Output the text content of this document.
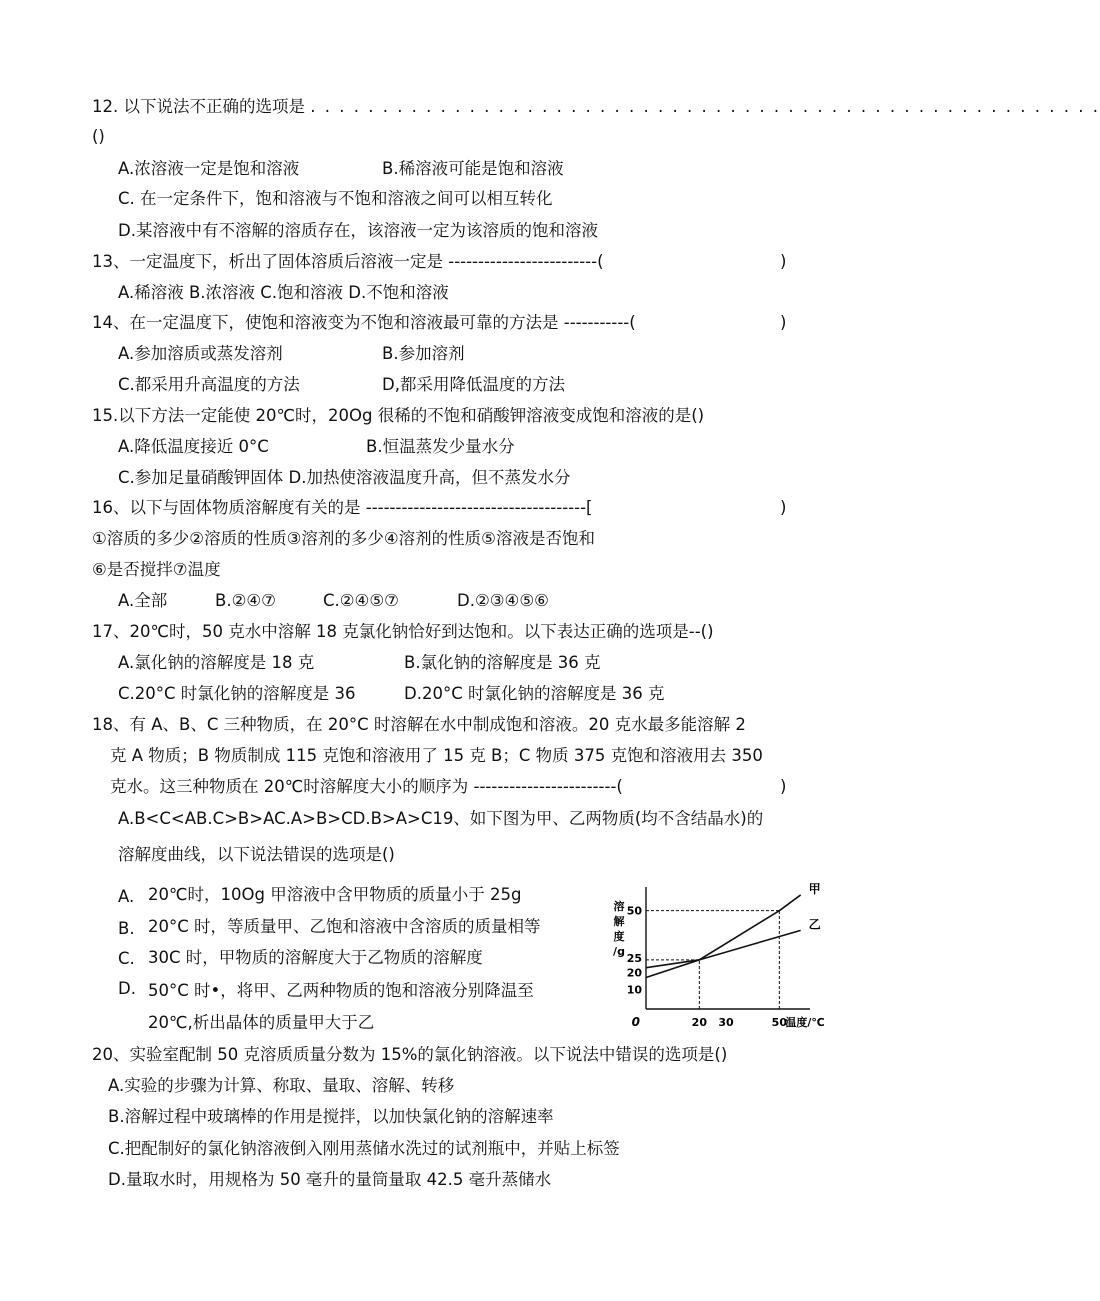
12. 以下说法不正确的选项是 . . . . . . . . . . . . . . . . . . . . . . . . . . . . . . . . . . . . . . . . . . . . . . . . . . . . . . .
()
A.浓溶液一定是饱和溶液	B.稀溶液可能是饱和溶液
C. 在一定条件下，饱和溶液与不饱和溶液之间可以相互转化
D.某溶液中有不溶解的溶质存在，该溶液一定为该溶质的饱和溶液
13、一定温度下，析出了固体溶质后溶液一定是 -------------------------(	)
A.稀溶液 B.浓溶液 C.饱和溶液 D.不饱和溶液
14、在一定温度下，使饱和溶液变为不饱和溶液最可靠的方法是 -----------(	)
A.参加溶质或蒸发溶剂	B.参加溶剂
C.都采用升高温度的方法	D,都采用降低温度的方法
15.以下方法一定能使 20℃时，20Og 很稀的不饱和硝酸钾溶液变成饱和溶液的是()
A.降低温度接近 0°C	B.恒温蒸发少量水分
C.参加足量硝酸钾固体 D.加热使溶液温度升高，但不蒸发水分
16、以下与固体物质溶解度有关的是 -------------------------------------[	)
①溶质的多少②溶质的性质③溶剂的多少④溶剂的性质⑤溶液是否饱和
⑥是否搅拌⑦温度
A.全部	B.②④⑦	C.②④⑤⑦	D.②③④⑤⑥
17、20℃时，50 克水中溶解 18 克氯化钠恰好到达饱和。以下表达正确的选项是--()
A.氯化钠的溶解度是 18 克	B.氯化钠的溶解度是 36 克
C.20°C 时氯化钠的溶解度是 36	D.20°C 时氯化钠的溶解度是 36 克
18、有 A、B、C 三种物质，在 20°C 时溶解在水中制成饱和溶液。20 克水最多能溶解 2
克 A 物质；B 物质制成 115 克饱和溶液用了 15 克 B；C 物质 375 克饱和溶液用去 350
克水。这三种物质在 20℃时溶解度大小的顺序为 ------------------------(	)
A.B<C<AB.C>B>AC.A>B>CD.B>A>C19、如下图为甲、乙两物质(均不含结晶水)的
溶解度曲线，以下说法错误的选项是()
A. 20℃时，10Og 甲溶液中含甲物质的质量小于 25g
B. 20°C 时，等质量甲、乙饱和溶液中含溶质的质量相等
C. 30C 时，甲物质的溶解度大于乙物质的溶解度
D. 50°C 时•，将甲、乙两种物质的饱和溶液分别降温至
20℃,析出晶体的质量甲大于乙
溶
解
度
/g
20 30	50
10
20
25
50
甲
乙
0	温度/℃
20、实验室配制 50 克溶质质量分数为 15%的氯化钠溶液。以下说法中错误的选项是()
A.实验的步骤为计算、称取、量取、溶解、转移
B.溶解过程中玻璃棒的作用是搅拌，以加快氯化钠的溶解速率
C.把配制好的氯化钠溶液倒入刚用蒸储水洗过的试剂瓶中，并贴上标签
D.量取水时，用规格为 50 毫升的量筒量取 42.5 毫升蒸储水
